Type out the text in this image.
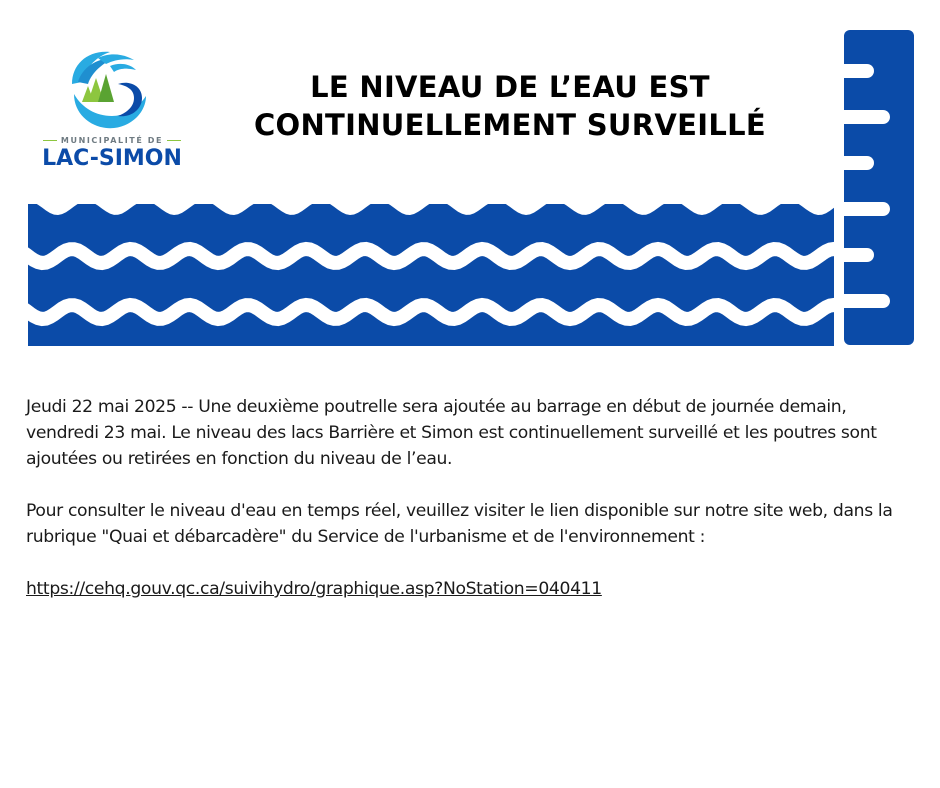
MUNICIPALITÉ DE
LAC-SIMON
LE NIVEAU DE L’EAU EST
CONTINUELLEMENT SURVEILLÉ

Jeudi 22 mai 2025 -- Une deuxième poutrelle sera ajoutée au barrage en début de journée demain, vendredi 23 mai. Le niveau des lacs Barrière et Simon est continuellement surveillé et les poutres sont ajoutées ou retirées en fonction du niveau de l’eau.

Pour consulter le niveau d'eau en temps réel, veuillez visiter le lien disponible sur notre site web, dans la rubrique "Quai et débarcadère" du Service de l'urbanisme et de l'environnement :

https://cehq.gouv.qc.ca/suivihydro/graphique.asp?NoStation=040411
